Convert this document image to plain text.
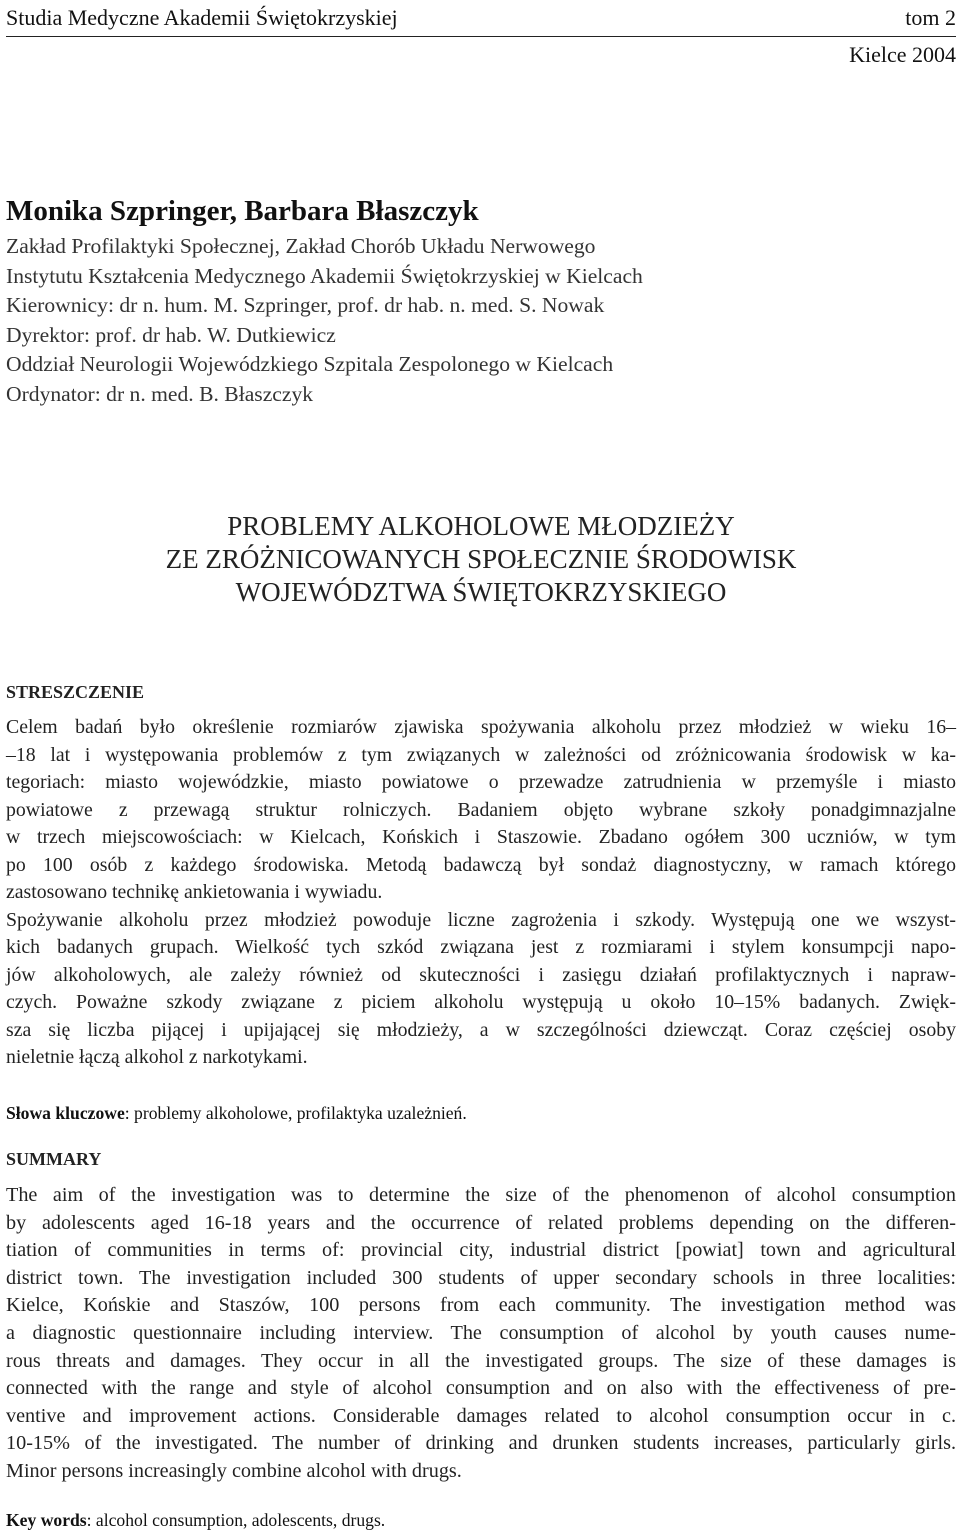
Studia Medyczne Akademii Świętokrzyskiej	tom 2
Kielce 2004
Monika Szpringer, Barbara Błaszczyk
Zakład Profilaktyki Społecznej, Zakład Chorób Układu Nerwowego
Instytutu Kształcenia Medycznego Akademii Świętokrzyskiej w Kielcach
Kierownicy: dr n. hum. M. Szpringer, prof. dr hab. n. med. S. Nowak
Dyrektor: prof. dr hab. W. Dutkiewicz
Oddział Neurologii Wojewódzkiego Szpitala Zespolonego w Kielcach
Ordynator: dr n. med. B. Błaszczyk
PROBLEMY ALKOHOLOWE MŁODZIEŻY
ZE ZRÓŻNICOWANYCH SPOŁECZNIE ŚRODOWISK
WOJEWÓDZTWA ŚWIĘTOKRZYSKIEGO
STRESZCZENIE
Celem badań było określenie rozmiarów zjawiska spożywania alkoholu przez młodzież w wieku 16–
–18 lat i występowania problemów z tym związanych w zależności od zróżnicowania środowisk w ka-
tegoriach: miasto wojewódzkie, miasto powiatowe o przewadze zatrudnienia w przemyśle i miasto
powiatowe z przewagą struktur rolniczych. Badaniem objęto wybrane szkoły ponadgimnazjalne
w trzech miejscowościach: w Kielcach, Końskich i Staszowie. Zbadano ogółem 300 uczniów, w tym
po 100 osób z każdego środowiska. Metodą badawczą był sondaż diagnostyczny, w ramach którego
zastosowano technikę ankietowania i wywiadu.
Spożywanie alkoholu przez młodzież powoduje liczne zagrożenia i szkody. Występują one we wszyst-
kich badanych grupach. Wielkość tych szkód związana jest z rozmiarami i stylem konsumpcji napo-
jów alkoholowych, ale zależy również od skuteczności i zasięgu działań profilaktycznych i napraw-
czych. Poważne szkody związane z piciem alkoholu występują u około 10–15% badanych. Zwięk-
sza się liczba pijącej i upijającej się młodzieży, a w szczególności dziewcząt. Coraz częściej osoby
nieletnie łączą alkohol z narkotykami.
Słowa kluczowe: problemy alkoholowe, profilaktyka uzależnień.
SUMMARY
The aim of the investigation was to determine the size of the phenomenon of alcohol consumption
by adolescents aged 16-18 years and the occurrence of related problems depending on the differen-
tiation of communities in terms of: provincial city, industrial district [powiat] town and agricultural
district town. The investigation included 300 students of upper secondary schools in three localities:
Kielce, Końskie and Staszów, 100 persons from each community. The investigation method was
a diagnostic questionnaire including interview. The consumption of alcohol by youth causes nume-
rous threats and damages. They occur in all the investigated groups. The size of these damages is
connected with the range and style of alcohol consumption and on also with the effectiveness of pre-
ventive and improvement actions. Considerable damages related to alcohol consumption occur in c.
10-15% of the investigated. The number of drinking and drunken students increases, particularly girls.
Minor persons increasingly combine alcohol with drugs.
Key words: alcohol consumption, adolescents, drugs.
